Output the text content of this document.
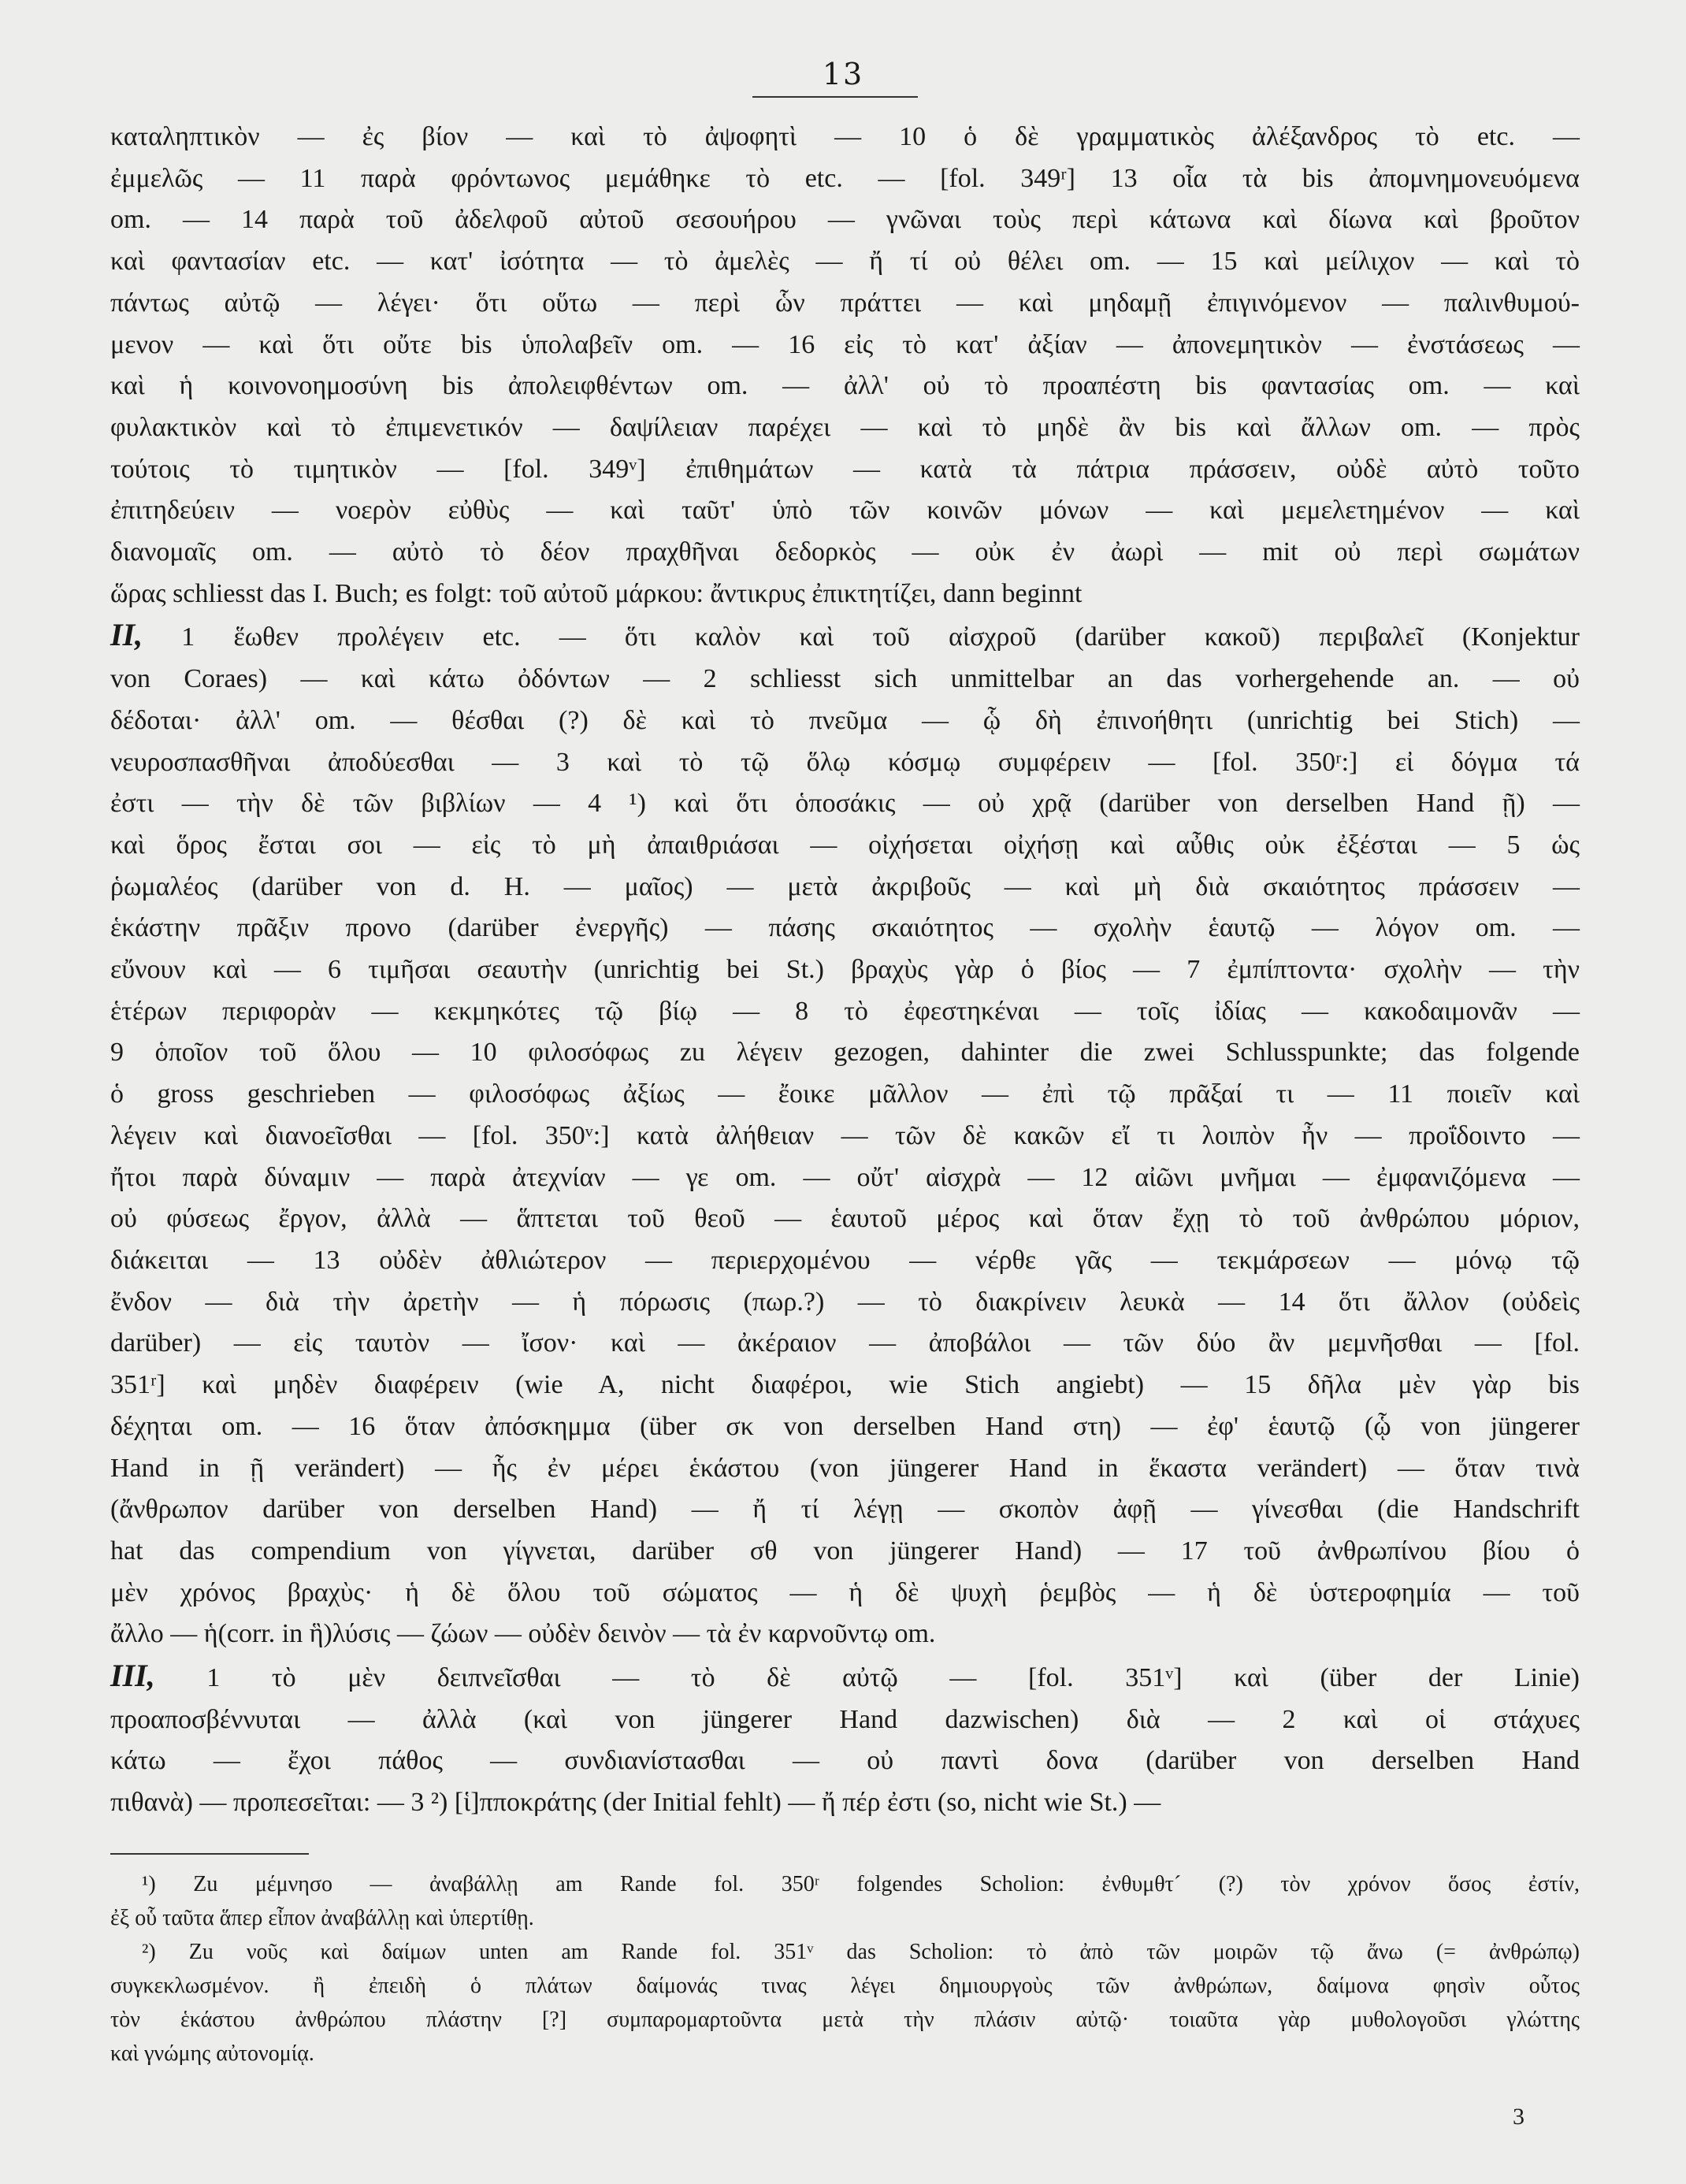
13
καταληπτικὸν — ἐς βίον — καὶ τὸ ἀψοφητὶ — 10 ὁ δὲ γραμματικὸς ἀλέξανδρος τὸ etc. —
ἐμμελῶς — 11 παρὰ φρόντωνος μεμάθηκε τὸ etc. — [fol. 349ʳ] 13 οἷα τὰ bis ἀπομνημονευόμενα
om. — 14 παρὰ τοῦ ἀδελφοῦ αὐτοῦ σεσουήρου — γνῶναι τοὺς περὶ κάτωνα καὶ δίωνα καὶ βροῦτον
καὶ φαντασίαν etc. — κατ' ἰσότητα — τὸ ἀμελὲς — ἤ τί οὐ θέλει om. — 15 καὶ μείλιχον — καὶ τὸ
πάντως αὐτῷ — λέγει· ὅτι οὕτω — περὶ ὧν πράττει — καὶ μηδαμῇ ἐπιγινόμενον — παλινθυμού-
μενον — καὶ ὅτι οὔτε bis ὑπολαβεῖν om. — 16 εἰς τὸ κατ' ἀξίαν — ἀπονεμητικὸν — ἐνστάσεως —
καὶ ἡ κοινονοημοσύνη bis ἀπολειφθέντων om. — ἀλλ' οὐ τὸ προαπέστη bis φαντασίας om. — καὶ
φυλακτικὸν καὶ τὸ ἐπιμενετικόν — δαψίλειαν παρέχει — καὶ τὸ μηδὲ ἂν bis καὶ ἄλλων om. — πρὸς
τούτοις τὸ τιμητικὸν — [fol. 349ᵛ] ἐπιθημάτων — κατὰ τὰ πάτρια πράσσειν, οὐδὲ αὐτὸ τοῦτο
ἐπιτηδεύειν — νοερὸν εὐθὺς — καὶ ταῦτ' ὑπὸ τῶν κοινῶν μόνων — καὶ μεμελετημένον — καὶ
διανομαῖς om. — αὐτὸ τὸ δέον πραχθῆναι δεδορκὸς — οὐκ ἐν ἀωρὶ — mit οὐ περὶ σωμάτων
ὥρας schliesst das I. Buch; es folgt: τοῦ αὐτοῦ μάρκου: ἄντικρυς ἐπικτητίζει, dann beginnt
II, 1 ἕωθεν προλέγειν etc. — ὅτι καλὸν καὶ τοῦ αἰσχροῦ (darüber κακοῦ) περιβαλεῖ (Konjektur
von Coraes) — καὶ κάτω ὀδόντων — 2 schliesst sich unmittelbar an das vorhergehende an. — οὐ
δέδοται· ἀλλ' om. — θέσθαι (?) δὲ καὶ τὸ πνεῦμα — ᾧ δὴ ἐπινοήθητι (unrichtig bei Stich) —
νευροσπασθῆναι ἀποδύεσθαι — 3 καὶ τὸ τῷ ὅλῳ κόσμῳ συμφέρειν — [fol. 350ʳ:] εἰ δόγμα τά
ἐστι — τὴν δὲ τῶν βιβλίων — 4 ¹) καὶ ὅτι ὁποσάκις — οὐ χρᾷ (darüber von derselben Hand ῇ) —
καὶ ὅρος ἔσται σοι — εἰς τὸ μὴ ἀπαιθριάσαι — οἰχήσεται οἰχήσῃ καὶ αὖθις οὐκ ἐξέσται — 5 ὡς
ῥωμαλέος (darüber von d. H. — μαῖος) — μετὰ ἀκριβοῦς — καὶ μὴ διὰ σκαιότητος πράσσειν —
ἑκάστην πρᾶξιν προνο (darüber ἐνεργῆς) — πάσης σκαιότητος — σχολὴν ἑαυτῷ — λόγον om. —
εὔνουν καὶ — 6 τιμῆσαι σεαυτὴν (unrichtig bei St.) βραχὺς γὰρ ὁ βίος — 7 ἐμπίπτοντα· σχολὴν — τὴν
ἑτέρων περιφορὰν — κεκμηκότες τῷ βίῳ — 8 τὸ ἐφεστηκέναι — τοῖς ἰδίας — κακοδαιμονᾶν —
9 ὁποῖον τοῦ ὅλου — 10 φιλοσόφως zu λέγειν gezogen, dahinter die zwei Schlusspunkte; das folgende
ὁ gross geschrieben — φιλοσόφως ἀξίως — ἔοικε μᾶλλον — ἐπὶ τῷ πρᾶξαί τι — 11 ποιεῖν καὶ
λέγειν καὶ διανοεῖσθαι — [fol. 350ᵛ:] κατὰ ἀλήθειαν — τῶν δὲ κακῶν εἴ τι λοιπὸν ἦν — προΐδοιντο —
ἤτοι παρὰ δύναμιν — παρὰ ἀτεχνίαν — γε om. — οὔτ' αἰσχρὰ — 12 αἰῶνι μνῆμαι — ἐμφανιζόμενα —
οὐ φύσεως ἔργον, ἀλλὰ — ἅπτεται τοῦ θεοῦ — ἑαυτοῦ μέρος καὶ ὅταν ἔχῃ τὸ τοῦ ἀνθρώπου μόριον,
διάκειται — 13 οὐδὲν ἀθλιώτερον — περιερχομένου — νέρθε γᾶς — τεκμάρσεων — μόνῳ τῷ
ἔνδον — διὰ τὴν ἀρετὴν — ἡ πόρωσις (πωρ.?) — τὸ διακρίνειν λευκὰ — 14 ὅτι ἄλλον (οὐδεὶς
darüber) — εἰς ταυτὸν — ἴσον· καὶ — ἀκέραιον — ἀποβάλοι — τῶν δύο ἂν μεμνῆσθαι — [fol.
351ʳ] καὶ μηδὲν διαφέρειν (wie A, nicht διαφέροι, wie Stich angiebt) — 15 δῆλα μὲν γὰρ bis
δέχηται om. — 16 ὅταν ἀπόσκημμα (über σκ von derselben Hand στη) — ἐφ' ἑαυτῷ (ᾧ von jüngerer
Hand in ῇ verändert) — ἧς ἐν μέρει ἑκάστου (von jüngerer Hand in ἕκαστα verändert) — ὅταν τινὰ
(ἄνθρωπον darüber von derselben Hand) — ἤ τί λέγῃ — σκοπὸν ἀφῇ — γίνεσθαι (die Handschrift
hat das compendium von γίγνεται, darüber σθ von jüngerer Hand) — 17 τοῦ ἀνθρωπίνου βίου ὁ
μὲν χρόνος βραχὺς· ἡ δὲ ὅλου τοῦ σώματος — ἡ δὲ ψυχὴ ῥεμβὸς — ἡ δὲ ὑστεροφημία — τοῦ
ἄλλο — ἡ(corr. in ἣ)λύσις — ζώων — οὐδὲν δεινὸν — τὰ ἐν καρνοῦντῳ om.
III, 1 τὸ μὲν δειπνεῖσθαι — τὸ δὲ αὐτῷ — [fol. 351ᵛ] καὶ (über der Linie)
προαποσβέννυται — ἀλλὰ (καὶ von jüngerer Hand dazwischen) διὰ — 2 καὶ οἱ στάχυες
κάτω — ἔχοι πάθος — συνδιανίστασθαι — οὐ παντὶ δονα (darüber von derselben Hand
πιθανὰ) — προπεσεῖται: — 3 ²) [ἱ]πποκράτης (der Initial fehlt) — ἤ πέρ ἐστι (so, nicht wie St.) —
¹) Zu μέμνησο — ἀναβάλλῃ am Rande fol. 350ʳ folgendes Scholion: ἐνθυμθτ´ (?) τὸν χρόνον ὅσος ἐστίν,
ἐξ οὗ ταῦτα ἅπερ εἶπον ἀναβάλλῃ καὶ ὑπερτίθῃ.
²) Zu νοῦς καὶ δαίμων unten am Rande fol. 351ᵛ das Scholion: τὸ ἀπὸ τῶν μοιρῶν τῷ ἄνω (= ἀνθρώπῳ)
συγκεκλωσμένον. ἢ ἐπειδὴ ὁ πλάτων δαίμονάς τινας λέγει δημιουργοὺς τῶν ἀνθρώπων, δαίμονα φησὶν οὗτος
τὸν ἑκάστου ἀνθρώπου πλάστην [?] συμπαρομαρτοῦντα μετὰ τὴν πλάσιν αὐτῷ· τοιαῦτα γὰρ μυθολογοῦσι γλώττης
καὶ γνώμης αὐτονομίᾳ.
3
